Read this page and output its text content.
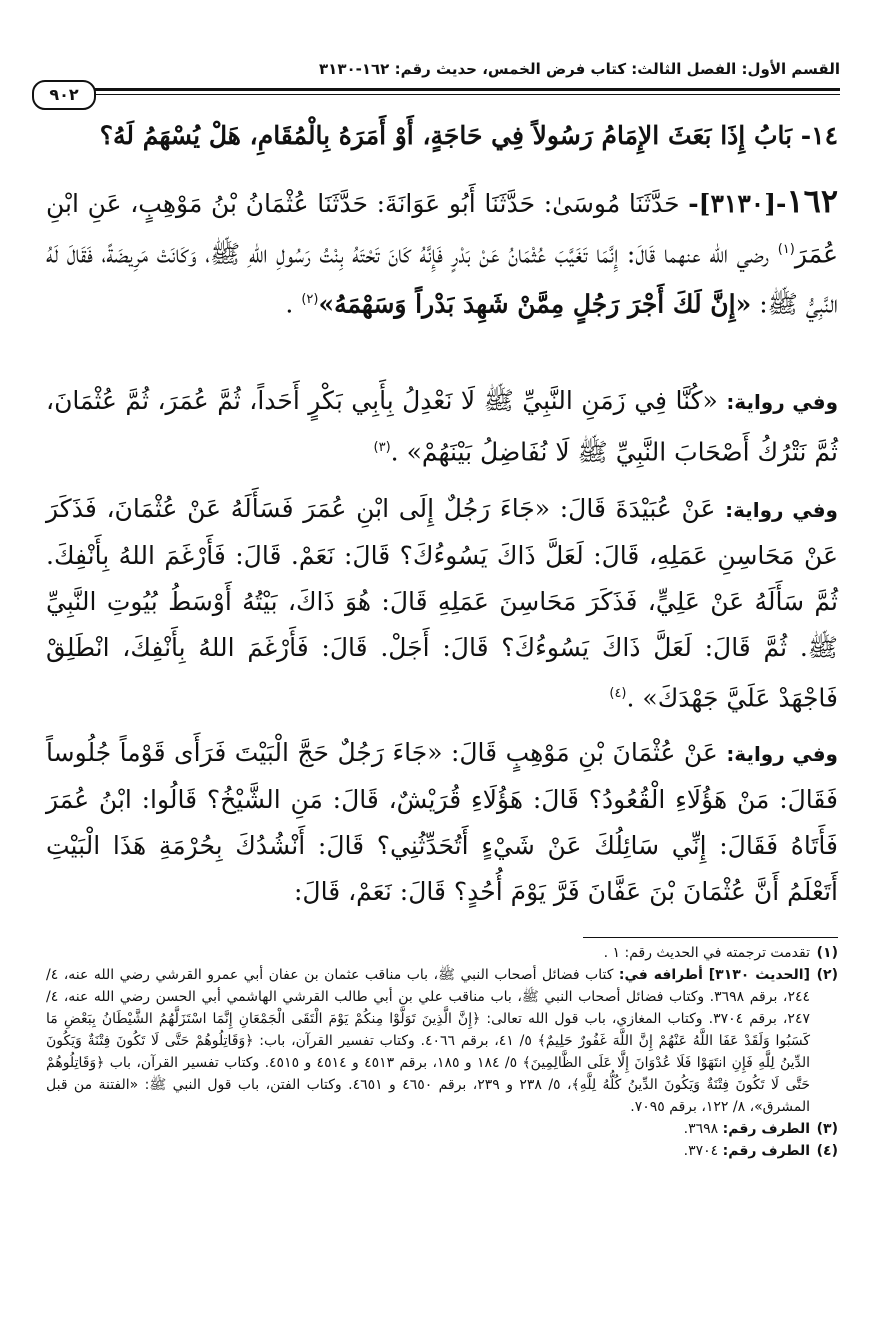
القسم الأول: الفصل الثالث: كتاب فرض الخمس، حديث رقم: ١٦٢-٣١٣٠
٩٠٢
١٤- بَابُ إِذَا بَعَثَ الإِمَامُ رَسُولاً فِي حَاجَةٍ، أَوْ أَمَرَهُ بِالْمُقَامِ، هَلْ يُسْهَمُ لَهُ؟

١٦٢-[٣١٣٠]- حَدَّثَنَا مُوسَىٰ: حَدَّثَنَا أَبُو عَوَانَةَ: حَدَّثَنَا عُثْمَانُ بْنُ مَوْهِبٍ، عَنِ ابْنِ عُمَرَ$^{(١)}$ رضي الله عنهما قَالَ: إِنَّمَا تَغَيَّبَ عُثْمَانُ عَنْ بَدْرٍ فَإِنَّهُ كَانَ تَحْتَهُ بِنْتُ رَسُولِ اللهِ ﷺ، وَكَانَتْ مَرِيضَةً، فَقَالَ لَهُ النَّبِيُّ ﷺ: «إِنَّ لَكَ أَجْرَ رَجُلٍ مِمَّنْ شَهِدَ بَدْراً وَسَهْمَهُ»$^{(٢)}$ .

وفي رواية: «كُنَّا فِي زَمَنِ النَّبِيِّ ﷺ لَا نَعْدِلُ بِأَبِي بَكْرٍ أَحَداً، ثُمَّ عُمَرَ، ثُمَّ عُثْمَانَ، ثُمَّ نَتْرُكُ أَصْحَابَ النَّبِيِّ ﷺ لَا نُفَاضِلُ بَيْنَهُمْ» .$^{(٣)}$

وفي رواية: عَنْ عُبَيْدَةَ قَالَ: «جَاءَ رَجُلٌ إِلَى ابْنِ عُمَرَ فَسَأَلَهُ عَنْ عُثْمَانَ، فَذَكَرَ عَنْ مَحَاسِنِ عَمَلِهِ، قَالَ: لَعَلَّ ذَاكَ يَسُوءُكَ؟ قَالَ: نَعَمْ. قَالَ: فَأَرْغَمَ اللهُ بِأَنْفِكَ. ثُمَّ سَأَلَهُ عَنْ عَلِيٍّ، فَذَكَرَ مَحَاسِنَ عَمَلِهِ قَالَ: هُوَ ذَاكَ، بَيْتُهُ أَوْسَطُ بُيُوتِ النَّبِيِّ ﷺ. ثُمَّ قَالَ: لَعَلَّ ذَاكَ يَسُوءُكَ؟ قَالَ: أَجَلْ. قَالَ: فَأَرْغَمَ اللهُ بِأَنْفِكَ، انْطَلِقْ فَاجْهَدْ عَلَيَّ جَهْدَكَ» .$^{(٤)}$

وفي رواية: عَنْ عُثْمَانَ بْنِ مَوْهِبٍ قَالَ: «جَاءَ رَجُلٌ حَجَّ الْبَيْتَ فَرَأَى قَوْماً جُلُوساً فَقَالَ: مَنْ هَؤُلَاءِ الْقُعُودُ؟ قَالَ: هَؤُلَاءِ قُرَيْشٌ، قَالَ: مَنِ الشَّيْخُ؟ قَالُوا: ابْنُ عُمَرَ فَأَتَاهُ فَقَالَ: إِنِّي سَائِلُكَ عَنْ شَيْءٍ أَتُحَدِّثُنِي؟ قَالَ: أَنْشُدُكَ بِحُرْمَةِ هَذَا الْبَيْتِ أَتَعْلَمُ أَنَّ عُثْمَانَ بْنَ عَفَّانَ فَرَّ يَوْمَ أُحُدٍ؟ قَالَ: نَعَمْ، قَالَ:

(١)
تقدمت ترجمته في الحديث رقم: ١ .

(٢)
[الحديث ٣١٣٠] أطرافه في: كتاب فضائل أصحاب النبي ﷺ، باب مناقب عثمان بن عفان أبي عمرو القرشي رضي الله عنه، ٤/ ٢٤٤، برقم ٣٦٩٨. وكتاب فضائل أصحاب النبي ﷺ، باب مناقب علي بن أبي طالب القرشي الهاشمي أبي الحسن رضي الله عنه، ٤/ ٢٤٧، برقم ٣٧٠٤. وكتاب المغازي، باب قول الله تعالى: ﴿إِنَّ الَّذِينَ تَوَلَّوْا مِنكُمْ يَوْمَ الْتَقَى الْجَمْعَانِ إِنَّمَا اسْتَزَلَّهُمُ الشَّيْطَانُ بِبَعْضِ مَا كَسَبُوا وَلَقَدْ عَفَا اللَّهُ عَنْهُمْ إِنَّ اللَّهَ غَفُورٌ حَلِيمٌ﴾ ٥/ ٤١، برقم ٤٠٦٦. وكتاب تفسير القرآن، باب: ﴿وَقَاتِلُوهُمْ حَتَّى لَا تَكُونَ فِتْنَةٌ وَيَكُونَ الدِّينُ لِلَّهِ فَإِنِ انتَهَوْا فَلَا عُدْوَانَ إِلَّا عَلَى الظَّالِمِينَ﴾ ٥/ ١٨٤ و ١٨٥، برقم ٤٥١٣ و ٤٥١٤ و ٤٥١٥. وكتاب تفسير القرآن، باب ﴿وَقَاتِلُوهُمْ حَتَّى لَا تَكُونَ فِتْنَةٌ وَيَكُونَ الدِّينُ كُلُّهُ لِلَّهِ﴾، ٥/ ٢٣٨ و ٢٣٩، برقم ٤٦٥٠ و ٤٦٥١. وكتاب الفتن، باب قول النبي ﷺ: «الفتنة من قبل المشرق»، ٨/ ١٢٢، برقم ٧٠٩٥.

(٣)
الطرف رقم: ٣٦٩٨.

(٤)
الطرف رقم: ٣٧٠٤.
